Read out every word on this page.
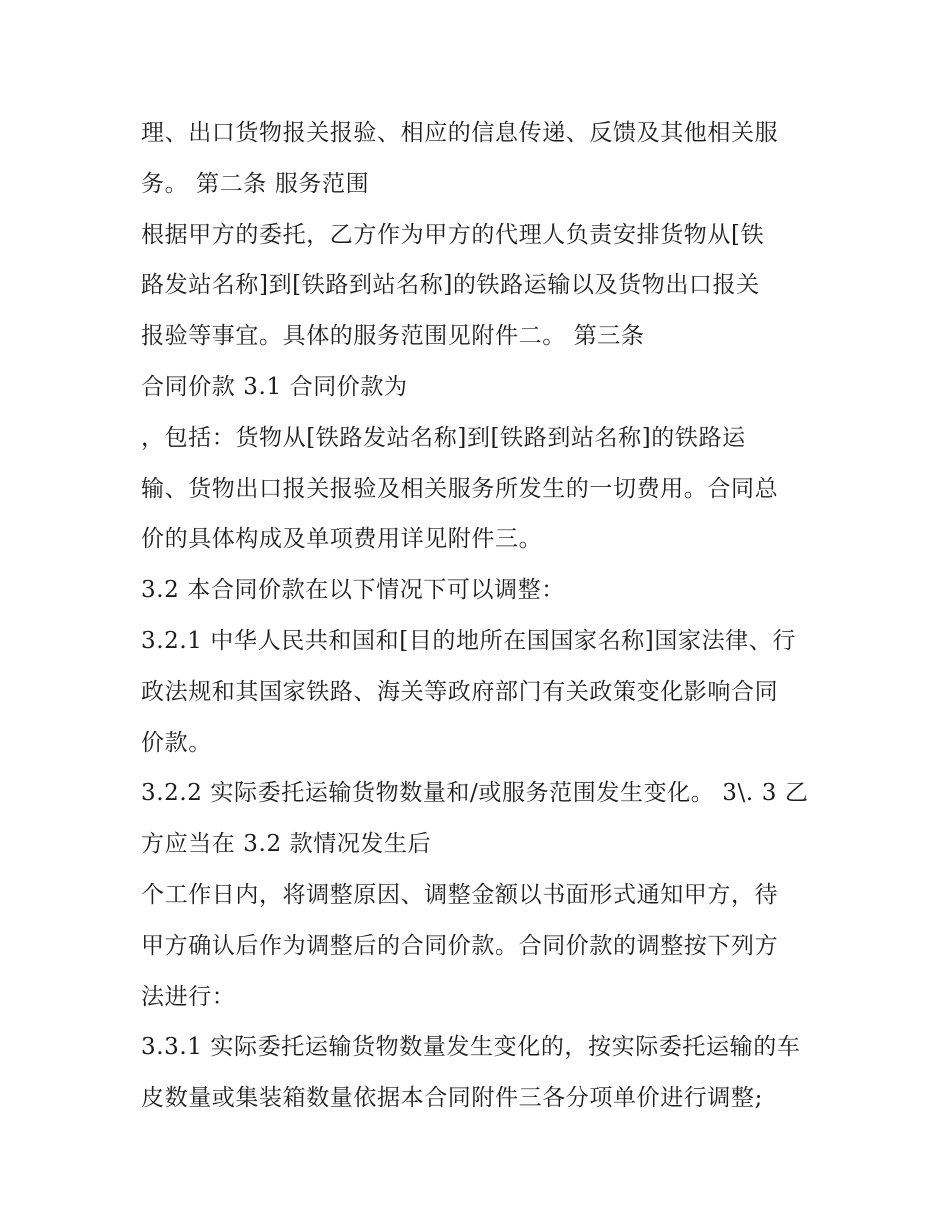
理、出口货物报关报验、相应的信息传递、反馈及其他相关服
务。 第二条 服务范围
根据甲方的委托，乙方作为甲方的代理人负责安排货物从[铁
路发站名称]到[铁路到站名称]的铁路运输以及货物出口报关
报验等事宜。具体的服务范围见附件二。 第三条
合同价款 3.1 合同价款为
，包括：货物从[铁路发站名称]到[铁路到站名称]的铁路运
输、货物出口报关报验及相关服务所发生的一切费用。合同总
价的具体构成及单项费用详见附件三。
3.2 本合同价款在以下情况下可以调整：
3.2.1 中华人民共和国和[目的地所在国国家名称]国家法律、行
政法规和其国家铁路、海关等政府部门有关政策变化影响合同
价款。
3.2.2 实际委托运输货物数量和/或服务范围发生变化。 3\. 3 乙
方应当在 3.2 款情况发生后
个工作日内，将调整原因、调整金额以书面形式通知甲方，待
甲方确认后作为调整后的合同价款。合同价款的调整按下列方
法进行：
3.3.1 实际委托运输货物数量发生变化的，按实际委托运输的车
皮数量或集装箱数量依据本合同附件三各分项单价进行调整;
